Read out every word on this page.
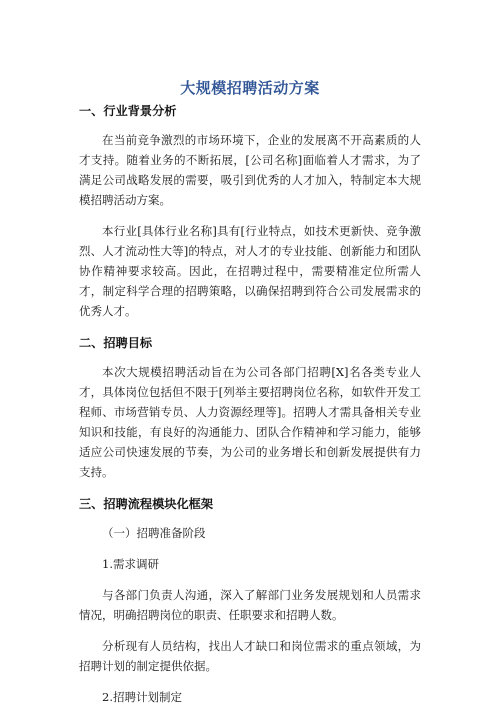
大规模招聘活动方案
一、行业背景分析

在当前竞争激烈的市场环境下，企业的发展离不开高素质的人才支持。随着业务的不断拓展，[公司名称]面临着人才需求，为了满足公司战略发展的需要，吸引到优秀的人才加入，特制定本大规模招聘活动方案。

本行业[具体行业名称]具有[行业特点，如技术更新快、竞争激烈、人才流动性大等]的特点，对人才的专业技能、创新能力和团队协作精神要求较高。因此，在招聘过程中，需要精准定位所需人才，制定科学合理的招聘策略，以确保招聘到符合公司发展需求的优秀人才。

二、招聘目标

本次大规模招聘活动旨在为公司各部门招聘[X]名各类专业人才，具体岗位包括但不限于[列举主要招聘岗位名称，如软件开发工程师、市场营销专员、人力资源经理等]。招聘人才需具备相关专业知识和技能，有良好的沟通能力、团队合作精神和学习能力，能够适应公司快速发展的节奏，为公司的业务增长和创新发展提供有力支持。

三、招聘流程模块化框架

（一）招聘准备阶段

1.需求调研

与各部门负责人沟通，深入了解部门业务发展规划和人员需求情况，明确招聘岗位的职责、任职要求和招聘人数。

分析现有人员结构，找出人才缺口和岗位需求的重点领域，为招聘计划的制定提供依据。

2.招聘计划制定
